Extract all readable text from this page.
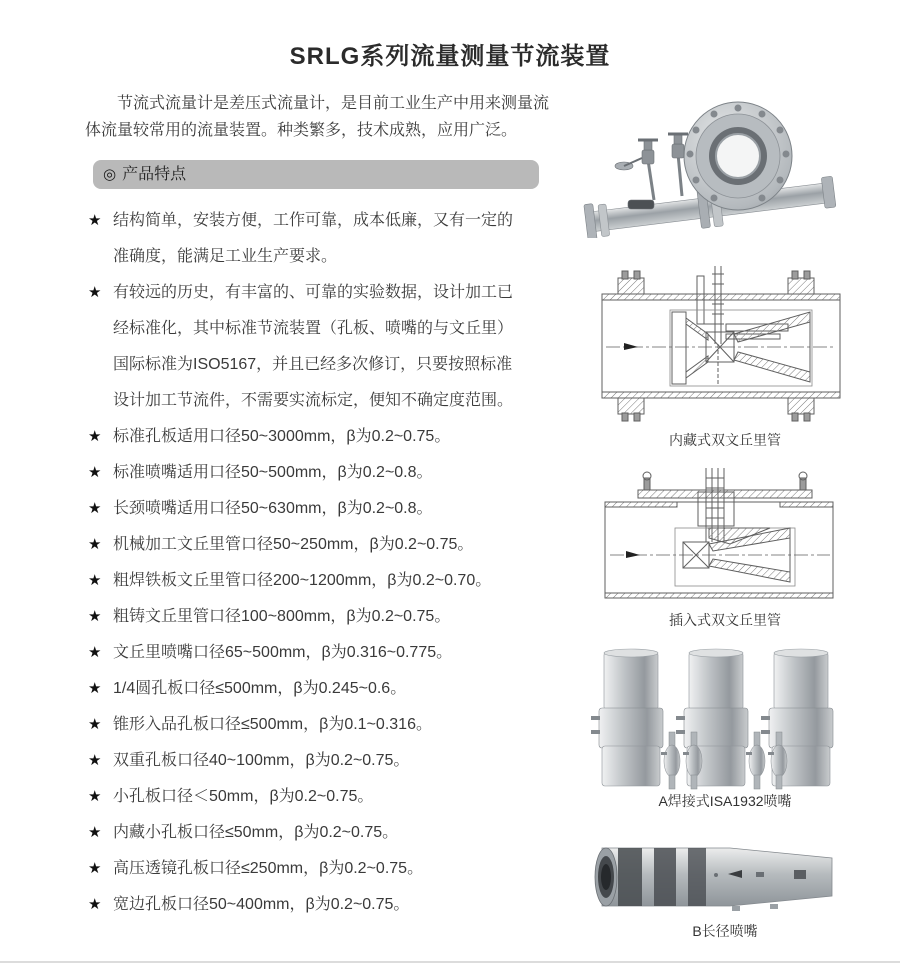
SRLG系列流量测量节流装置
节流式流量计是差压式流量计，是目前工业生产中用来测量流
体流量较常用的流量装置。种类繁多，技术成熟，应用广泛。
◎ 产品特点
★ 结构简单，安装方便，工作可靠，成本低廉，又有一定的
准确度，能满足工业生产要求。
★ 有较远的历史，有丰富的、可靠的实验数据，设计加工已
经标准化，其中标准节流装置（孔板、喷嘴的与文丘里）
国际标准为ISO5167，并且已经多次修订，只要按照标准
设计加工节流件，不需要实流标定，便知不确定度范围。
★ 标准孔板适用口径50~3000mm，β为0.2~0.75。
★ 标准喷嘴适用口径50~500mm，β为0.2~0.8。
★ 长颈喷嘴适用口径50~630mm，β为0.2~0.8。
★ 机械加工文丘里管口径50~250mm，β为0.2~0.75。
★ 粗焊铁板文丘里管口径200~1200mm，β为0.2~0.70。
★ 粗铸文丘里管口径100~800mm，β为0.2~0.75。
★ 文丘里喷嘴口径65~500mm，β为0.316~0.775。
★ 1/4圆孔板口径≤500mm，β为0.245~0.6。
★ 锥形入品孔板口径≤500mm，β为0.1~0.316。
★ 双重孔板口径40~100mm，β为0.2~0.75。
★ 小孔板口径＜50mm，β为0.2~0.75。
★ 内藏小孔板口径≤50mm，β为0.2~0.75。
★ 高压透镜孔板口径≤250mm，β为0.2~0.75。
★ 宽边孔板口径50~400mm，β为0.2~0.75。
内藏式双文丘里管
插入式双文丘里管
A焊接式ISA1932喷嘴
B长径喷嘴
